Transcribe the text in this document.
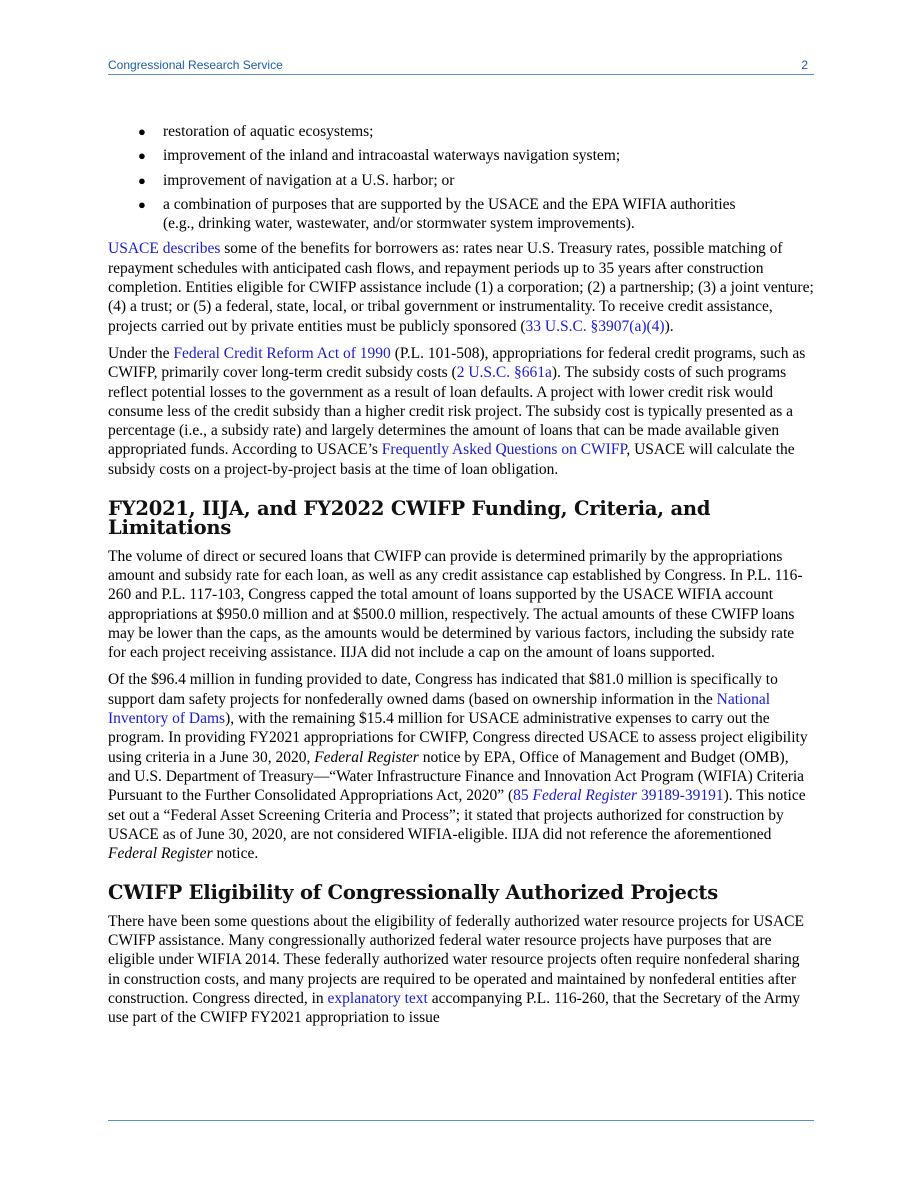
Congressional Research Service	2
● restoration of aquatic ecosystems;
● improvement of the inland and intracoastal waterways navigation system;
● improvement of navigation at a U.S. harbor; or
● a combination of purposes that are supported by the USACE and the EPA WIFIA authorities (e.g., drinking water, wastewater, and/or stormwater system improvements).

USACE describes some of the benefits for borrowers as: rates near U.S. Treasury rates, possible matching of repayment schedules with anticipated cash flows, and repayment periods up to 35 years after construction completion. Entities eligible for CWIFP assistance include (1) a corporation; (2) a partnership; (3) a joint venture; (4) a trust; or (5) a federal, state, local, or tribal government or instrumentality. To receive credit assistance, projects carried out by private entities must be publicly sponsored (33 U.S.C. §3907(a)(4)).

Under the Federal Credit Reform Act of 1990 (P.L. 101-508), appropriations for federal credit programs, such as CWIFP, primarily cover long-term credit subsidy costs (2 U.S.C. §661a). The subsidy costs of such programs reflect potential losses to the government as a result of loan defaults. A project with lower credit risk would consume less of the credit subsidy than a higher credit risk project. The subsidy cost is typically presented as a percentage (i.e., a subsidy rate) and largely determines the amount of loans that can be made available given appropriated funds. According to USACE’s Frequently Asked Questions on CWIFP, USACE will calculate the subsidy costs on a project-by-project basis at the time of loan obligation.

FY2021, IIJA, and FY2022 CWIFP Funding, Criteria, and Limitations

The volume of direct or secured loans that CWIFP can provide is determined primarily by the appropriations amount and subsidy rate for each loan, as well as any credit assistance cap established by Congress. In P.L. 116-260 and P.L. 117-103, Congress capped the total amount of loans supported by the USACE WIFIA account appropriations at $950.0 million and at $500.0 million, respectively. The actual amounts of these CWIFP loans may be lower than the caps, as the amounts would be determined by various factors, including the subsidy rate for each project receiving assistance. IIJA did not include a cap on the amount of loans supported.

Of the $96.4 million in funding provided to date, Congress has indicated that $81.0 million is specifically to support dam safety projects for nonfederally owned dams (based on ownership information in the National Inventory of Dams), with the remaining $15.4 million for USACE administrative expenses to carry out the program. In providing FY2021 appropriations for CWIFP, Congress directed USACE to assess project eligibility using criteria in a June 30, 2020, Federal Register notice by EPA, Office of Management and Budget (OMB), and U.S. Department of Treasury—“Water Infrastructure Finance and Innovation Act Program (WIFIA) Criteria Pursuant to the Further Consolidated Appropriations Act, 2020” (85 Federal Register 39189-39191). This notice set out a “Federal Asset Screening Criteria and Process”; it stated that projects authorized for construction by USACE as of June 30, 2020, are not considered WIFIA-eligible. IIJA did not reference the aforementioned Federal Register notice.

CWIFP Eligibility of Congressionally Authorized Projects

There have been some questions about the eligibility of federally authorized water resource projects for USACE CWIFP assistance. Many congressionally authorized federal water resource projects have purposes that are eligible under WIFIA 2014. These federally authorized water resource projects often require nonfederal sharing in construction costs, and many projects are required to be operated and maintained by nonfederal entities after construction. Congress directed, in explanatory text accompanying P.L. 116-260, that the Secretary of the Army use part of the CWIFP FY2021 appropriation to issue
